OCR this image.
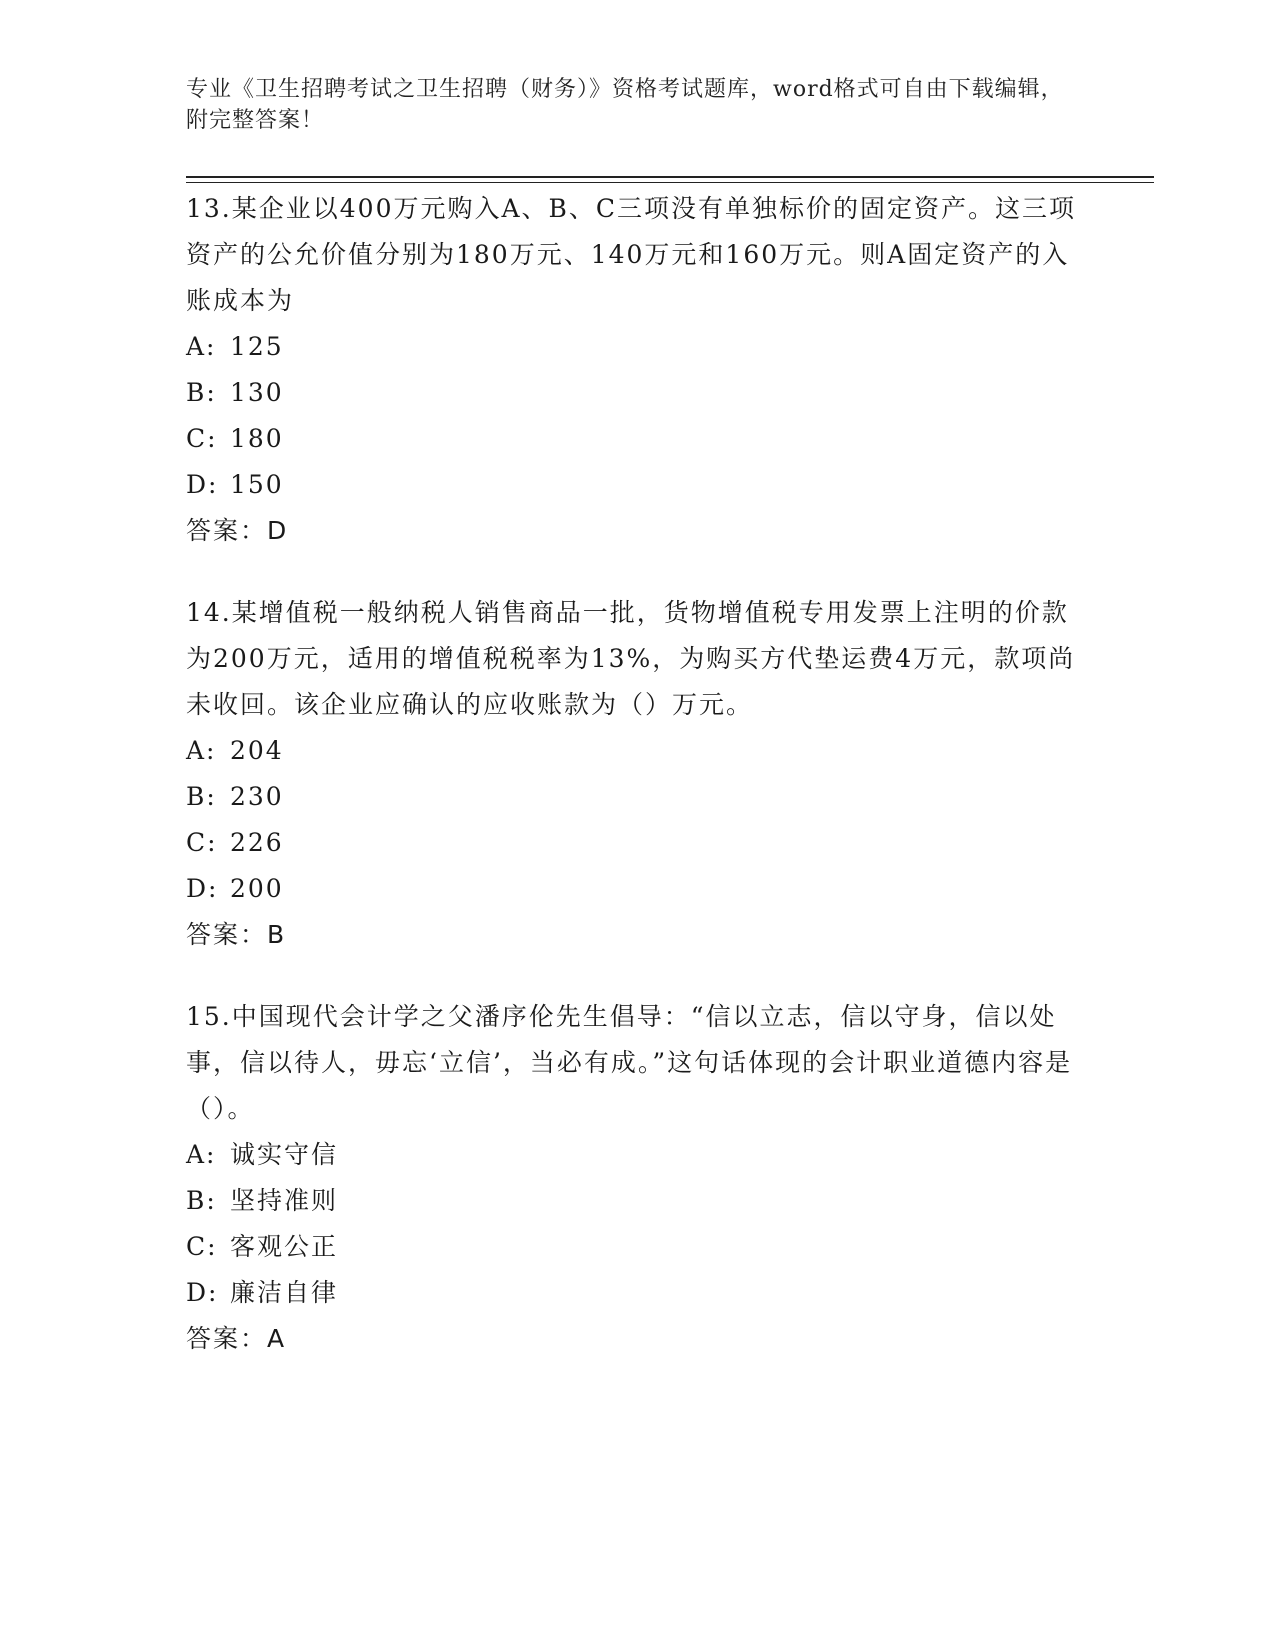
专业《卫生招聘考试之卫生招聘（财务）》资格考试题库，word格式可自由下载编辑，附完整答案！

13.某企业以400万元购入A、B、C三项没有单独标价的固定资产。这三项资产的公允价值分别为180万元、140万元和160万元。则A固定资产的入账成本为

A: 125
B: 130
C: 180
D: 150

答案：D

14.某增值税一般纳税人销售商品一批，货物增值税专用发票上注明的价款为200万元，适用的增值税税率为13%，为购买方代垫运费4万元，款项尚未收回。该企业应确认的应收账款为（）万元。

A: 204
B: 230
C: 226
D: 200

答案：B

15.中国现代会计学之父潘序伦先生倡导：“信以立志，信以守身，信以处事，信以待人，毋忘‘立信’，当必有成。”这句话体现的会计职业道德内容是（）。

A: 诚实守信
B: 坚持准则
C: 客观公正
D: 廉洁自律

答案：A
